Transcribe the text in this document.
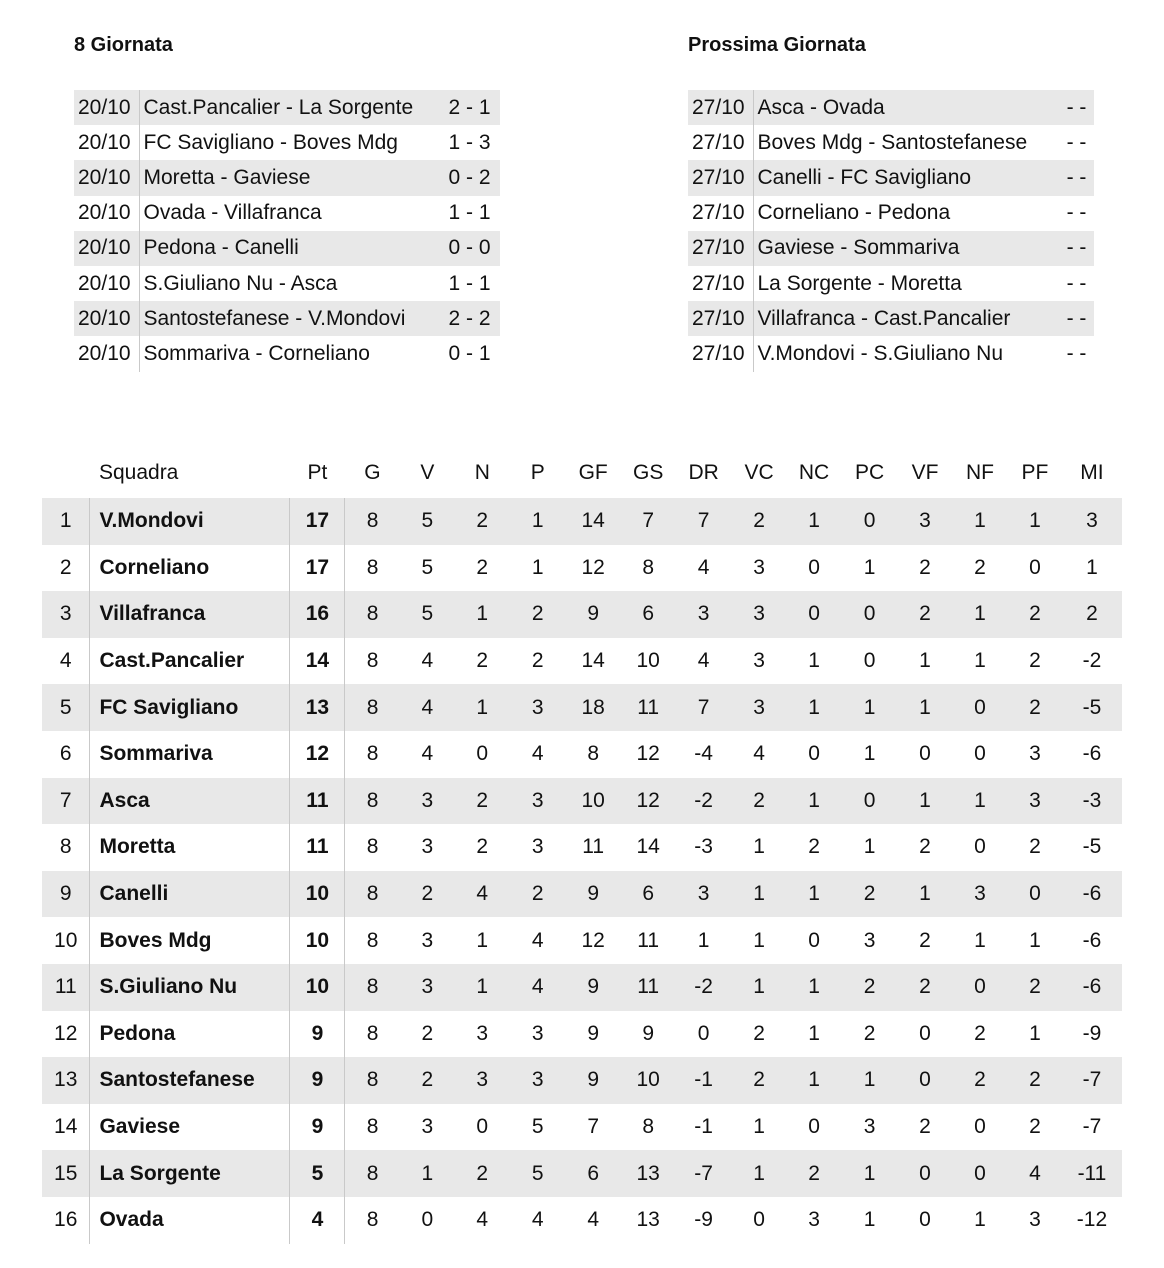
8 Giornata
20/10	Cast.Pancalier - La Sorgente	2 - 1
20/10	FC Savigliano - Boves Mdg	1 - 3
20/10	Moretta - Gaviese	0 - 2
20/10	Ovada - Villafranca	1 - 1
20/10	Pedona - Canelli	0 - 0
20/10	S.Giuliano Nu - Asca	1 - 1
20/10	Santostefanese - V.Mondovi	2 - 2
20/10	Sommariva - Corneliano	0 - 1
Prossima Giornata
27/10	Asca - Ovada	- -
27/10	Boves Mdg - Santostefanese	- -
27/10	Canelli - FC Savigliano	- -
27/10	Corneliano - Pedona	- -
27/10	Gaviese - Sommariva	- -
27/10	La Sorgente - Moretta	- -
27/10	Villafranca - Cast.Pancalier	- -
27/10	V.Mondovi - S.Giuliano Nu	- -
	Squadra	Pt	G	V	N	P	GF	GS	DR	VC	NC	PC	VF	NF	PF	MI
1	V.Mondovi	17	8	5	2	1	14	7	7	2	1	0	3	1	1	3
2	Corneliano	17	8	5	2	1	12	8	4	3	0	1	2	2	0	1
3	Villafranca	16	8	5	1	2	9	6	3	3	0	0	2	1	2	2
4	Cast.Pancalier	14	8	4	2	2	14	10	4	3	1	0	1	1	2	-2
5	FC Savigliano	13	8	4	1	3	18	11	7	3	1	1	1	0	2	-5
6	Sommariva	12	8	4	0	4	8	12	-4	4	0	1	0	0	3	-6
7	Asca	11	8	3	2	3	10	12	-2	2	1	0	1	1	3	-3
8	Moretta	11	8	3	2	3	11	14	-3	1	2	1	2	0	2	-5
9	Canelli	10	8	2	4	2	9	6	3	1	1	2	1	3	0	-6
10	Boves Mdg	10	8	3	1	4	12	11	1	1	0	3	2	1	1	-6
11	S.Giuliano Nu	10	8	3	1	4	9	11	-2	1	1	2	2	0	2	-6
12	Pedona	9	8	2	3	3	9	9	0	2	1	2	0	2	1	-9
13	Santostefanese	9	8	2	3	3	9	10	-1	2	1	1	0	2	2	-7
14	Gaviese	9	8	3	0	5	7	8	-1	1	0	3	2	0	2	-7
15	La Sorgente	5	8	1	2	5	6	13	-7	1	2	1	0	0	4	-11
16	Ovada	4	8	0	4	4	4	13	-9	0	3	1	0	1	3	-12
